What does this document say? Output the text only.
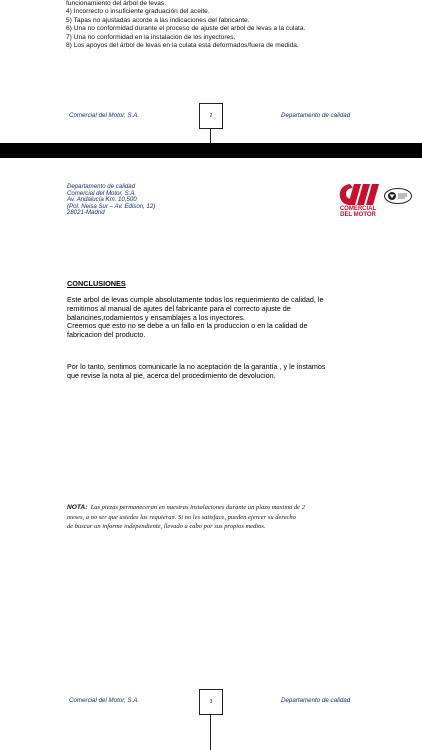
funcionamiento del árbol de levas.
4) Incorrecto o insuficiente graduación del aceite.
5) Tapas no ajustadas acorde a las indicaciones del fabricante.
6) Una no conformidad durante el proceso de ajuste del arbol de levas a la culata.
7) Una no conformidad en la instalación de los inyectores.
8) Los apoyos del árbol de levas en la culata esta deformados/fuera de medida.
Comercial del Motor, S.A.	2	Departamento de calidad
Departamento de calidad
Comercial del Motor, S.A.
Av. Andalucía Km. 10,500
(Pol. Neisa Sur – Av. Edison, 12)
28021-Madrid
COMERCIAL
DEL MOTOR
CONCLUSIONES
Este arbol de levas cumple absolutamente todos los requerimiento de calidad, le
remitimos al manual de ajutes del fabricante para el correcto ajuste de
balancines,rodamientos y ensamblajes a los inyectores.
Creemos que esto no se debe a un fallo en la produccion o en la calidad de
fabricacion del producto.
Por lo tanto, sentimos comunicarle la no aceptación de la garantía , y le instamos
que revise la nota al pie, acerca del procedimiento de devolucion.
NOTA: Las piezas permaneceran en nuestras instalaciones durante un plazo maximo de 2
meses, a no ser que ustedes las requieran. Si no les satisface, pueden ejercer su derecho
de buscar un informe independiente, llevado a cabo por sus propios medios.
Comercial del Motor, S.A.	3	Departamento de calidad
